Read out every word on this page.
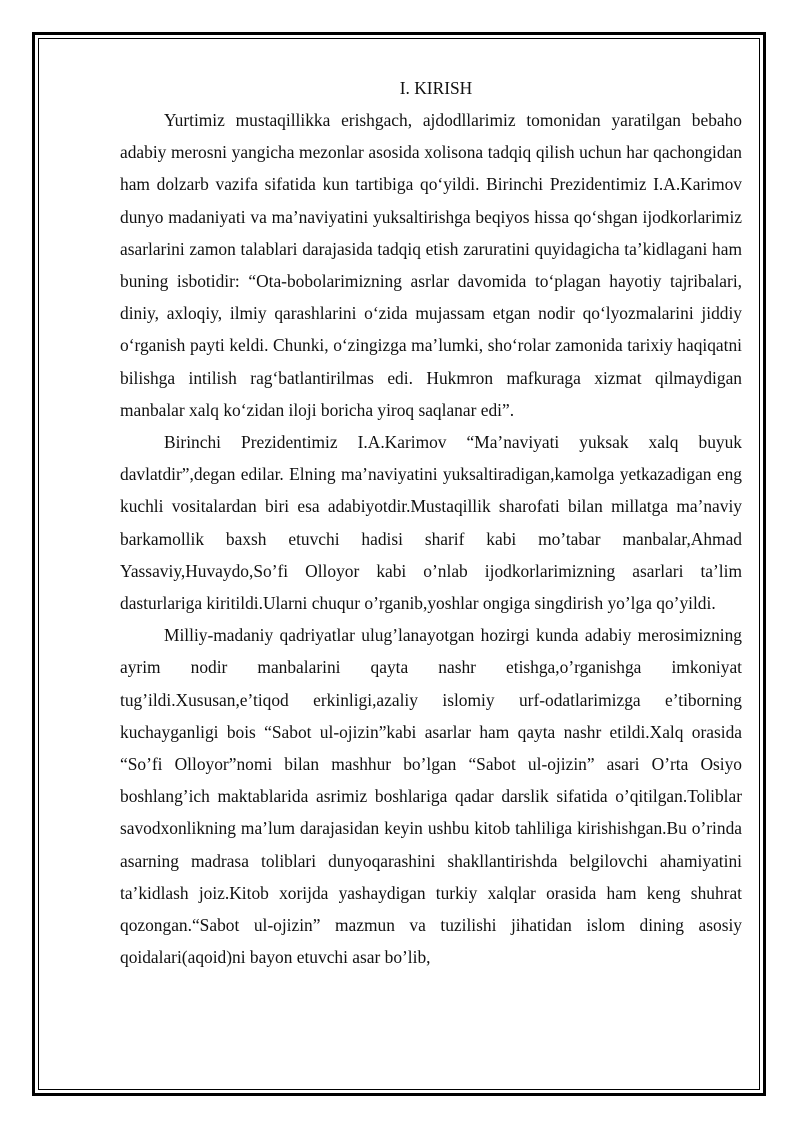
I. KIRISH

Yurtimiz mustaqillikka erishgach, ajdodllarimiz tomonidan yaratilgan bebaho adabiy merosni yangicha mezonlar asosida xolisona tadqiq qilish uchun har qachongidan ham dolzarb vazifa sifatida kun tartibiga qo‘yildi. Birinchi Prezidentimiz I.A.Karimov dunyo madaniyati va ma’naviyatini yuksaltirishga beqiyos hissa qo‘shgan ijodkorlarimiz asarlarini zamon talablari darajasida tadqiq etish zaruratini quyidagicha ta’kidlagani ham buning isbotidir: “Ota-bobolarimizning asrlar davomida to‘plagan hayotiy tajribalari, diniy, axloqiy, ilmiy qarashlarini o‘zida mujassam etgan nodir qo‘lyozmalarini jiddiy o‘rganish payti keldi. Chunki, o‘zingizga ma’lumki, sho‘rolar zamonida tarixiy haqiqatni bilishga intilish rag‘batlantirilmas edi. Hukmron mafkuraga xizmat qilmaydigan manbalar xalq ko‘zidan iloji boricha yiroq saqlanar edi”.

Birinchi Prezidentimiz I.A.Karimov “Ma’naviyati yuksak xalq buyuk davlatdir”,degan edilar. Elning ma’naviyatini yuksaltiradigan,kamolga yetkazadigan eng kuchli vositalardan biri esa adabiyotdir.Mustaqillik sharofati bilan millatga ma’naviy barkamollik baxsh etuvchi hadisi sharif kabi mo’tabar manbalar,Ahmad Yassaviy,Huvaydo,So’fi Olloyor kabi o’nlab ijodkorlarimizning asarlari ta’lim dasturlariga kiritildi.Ularni chuqur o’rganib,yoshlar ongiga singdirish yo’lga qo’yildi.

Milliy-madaniy qadriyatlar ulug’lanayotgan hozirgi kunda adabiy merosimizning ayrim nodir manbalarini qayta nashr etishga,o’rganishga imkoniyat tug’ildi.Xususan,e’tiqod erkinligi,azaliy islomiy urf-odatlarimizga e’tiborning kuchayganligi bois “Sabot ul-ojizin”kabi asarlar ham qayta nashr etildi.Xalq orasida “So’fi Olloyor”nomi bilan mashhur bo’lgan “Sabot ul-ojizin” asari O’rta Osiyo boshlang’ich maktablarida asrimiz boshlariga qadar darslik sifatida o’qitilgan.Toliblar savodxonlikning ma’lum darajasidan keyin ushbu kitob tahliliga kirishishgan.Bu o’rinda asarning madrasa toliblari dunyoqarashini shakllantirishda belgilovchi ahamiyatini ta’kidlash joiz.Kitob xorijda yashaydigan turkiy xalqlar orasida ham keng shuhrat qozongan.“Sabot ul-ojizin” mazmun va tuzilishi jihatidan islom dining asosiy qoidalari(aqoid)ni bayon etuvchi asar bo’lib,
